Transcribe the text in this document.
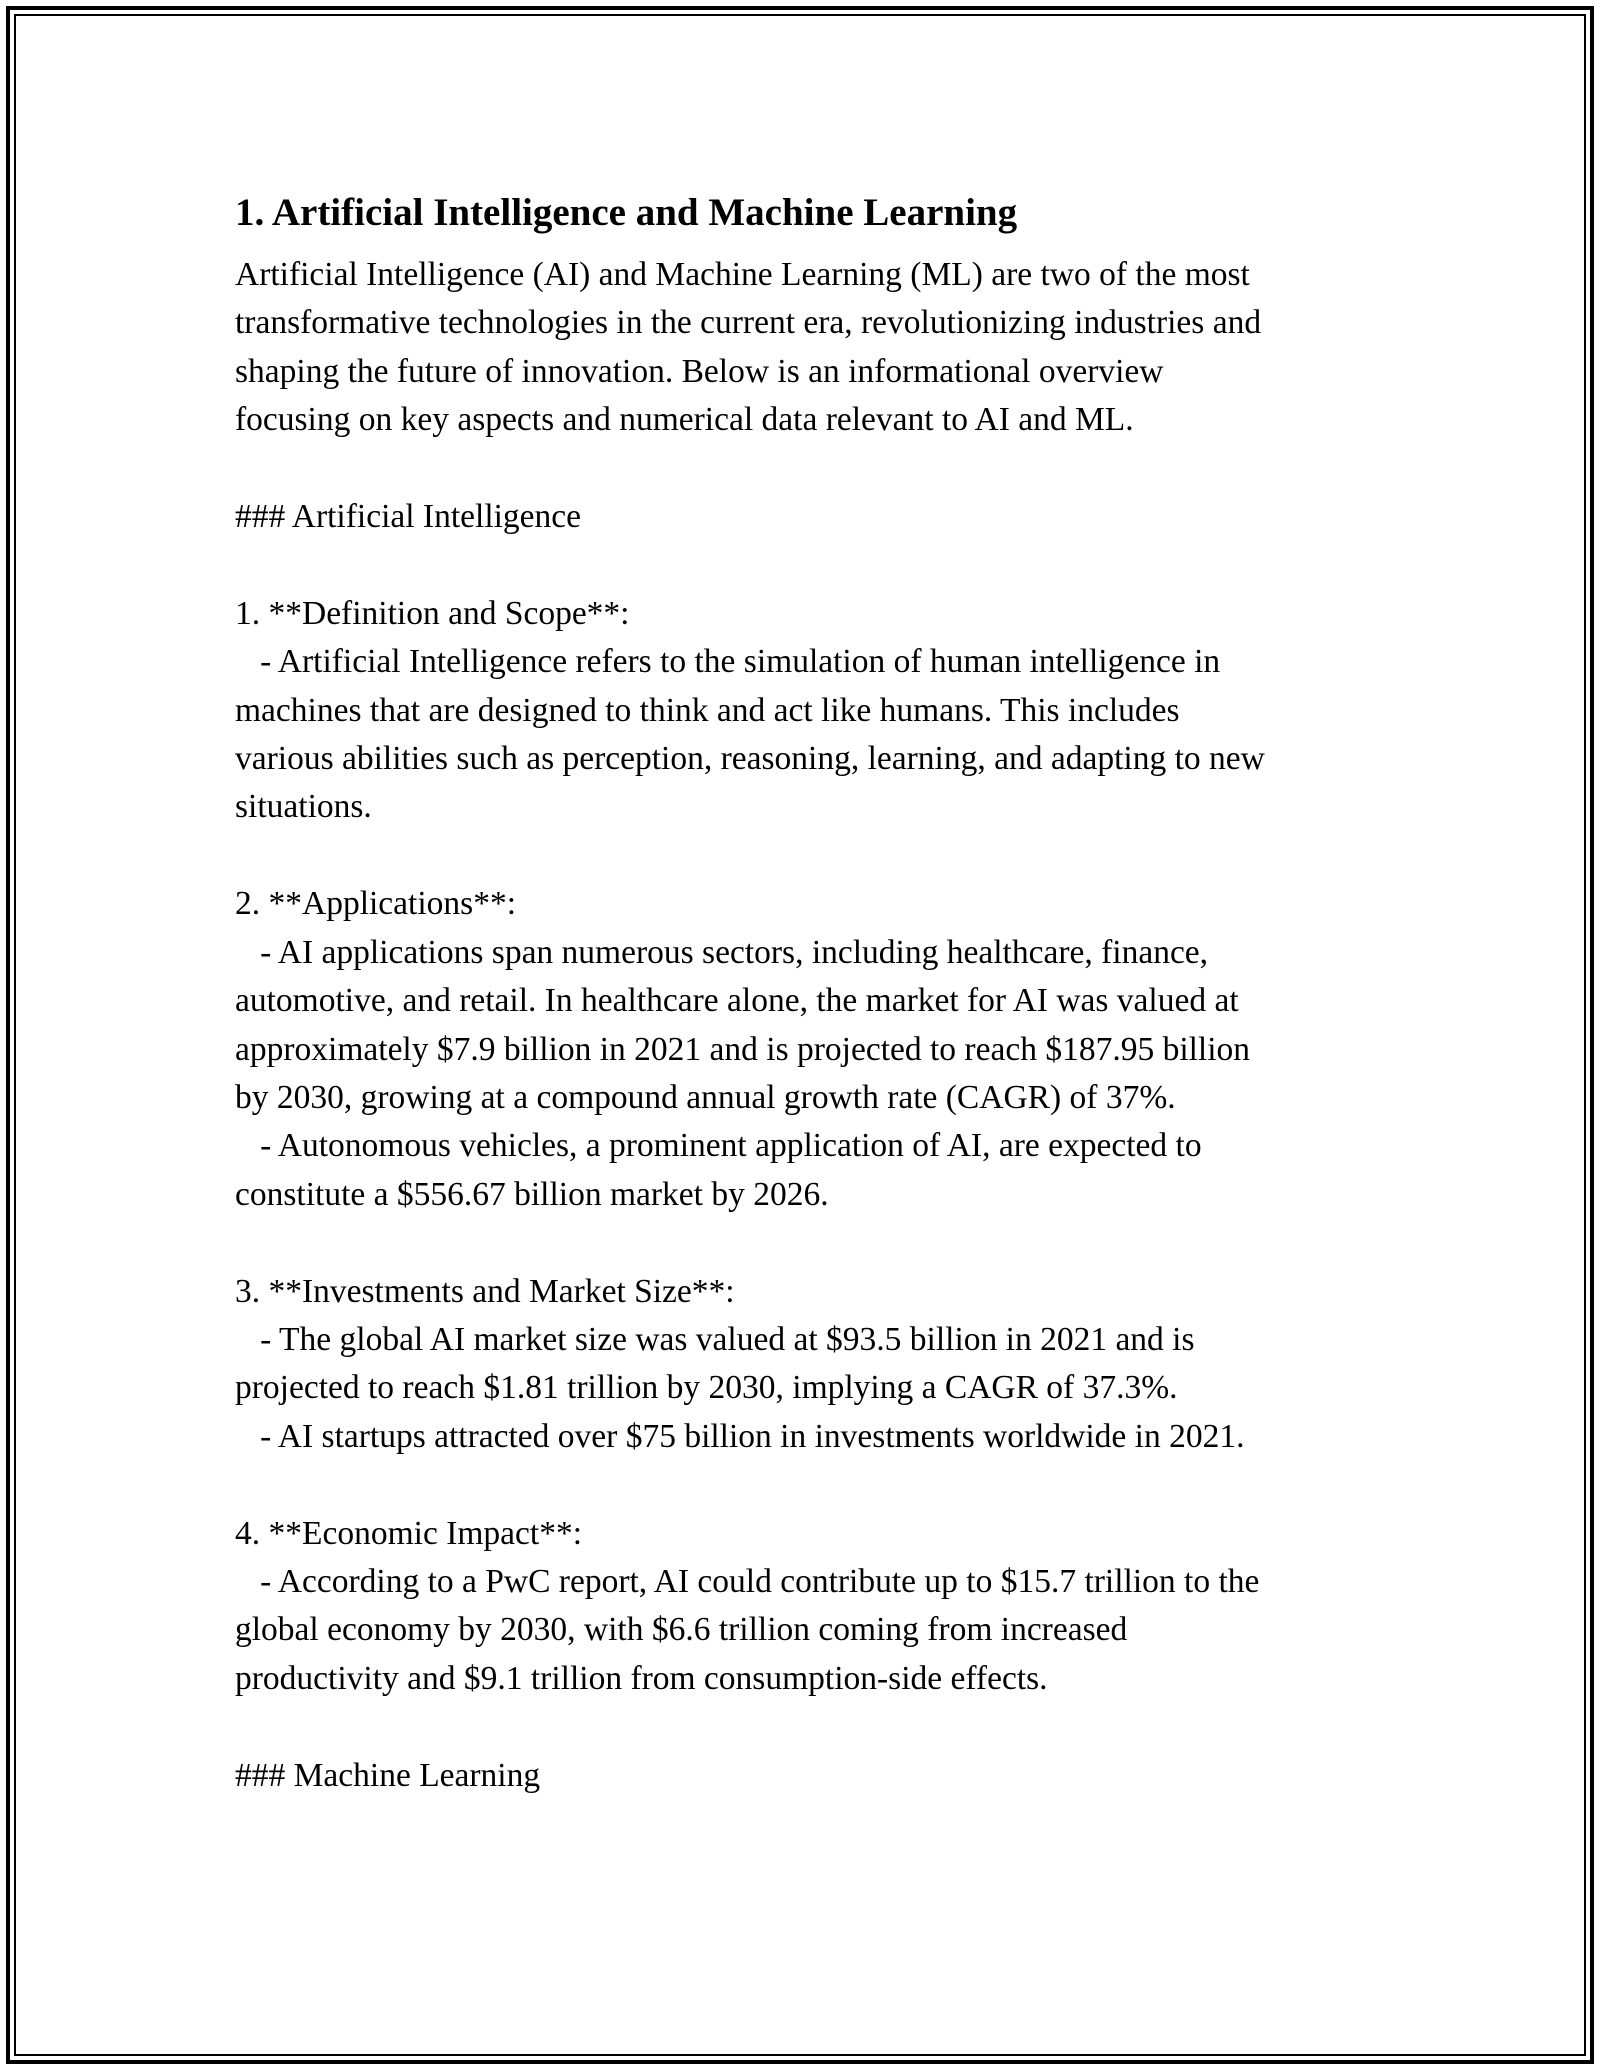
1. Artificial Intelligence and Machine Learning
Artificial Intelligence (AI) and Machine Learning (ML) are two of the most
transformative technologies in the current era, revolutionizing industries and
shaping the future of innovation. Below is an informational overview
focusing on key aspects and numerical data relevant to AI and ML.

### Artificial Intelligence

1. **Definition and Scope**:
- Artificial Intelligence refers to the simulation of human intelligence in
machines that are designed to think and act like humans. This includes
various abilities such as perception, reasoning, learning, and adapting to new
situations.

2. **Applications**:
- AI applications span numerous sectors, including healthcare, finance,
automotive, and retail. In healthcare alone, the market for AI was valued at
approximately $7.9 billion in 2021 and is projected to reach $187.95 billion
by 2030, growing at a compound annual growth rate (CAGR) of 37%.
- Autonomous vehicles, a prominent application of AI, are expected to
constitute a $556.67 billion market by 2026.

3. **Investments and Market Size**:
- The global AI market size was valued at $93.5 billion in 2021 and is
projected to reach $1.81 trillion by 2030, implying a CAGR of 37.3%.
- AI startups attracted over $75 billion in investments worldwide in 2021.

4. **Economic Impact**:
- According to a PwC report, AI could contribute up to $15.7 trillion to the
global economy by 2030, with $6.6 trillion coming from increased
productivity and $9.1 trillion from consumption-side effects.

### Machine Learning
